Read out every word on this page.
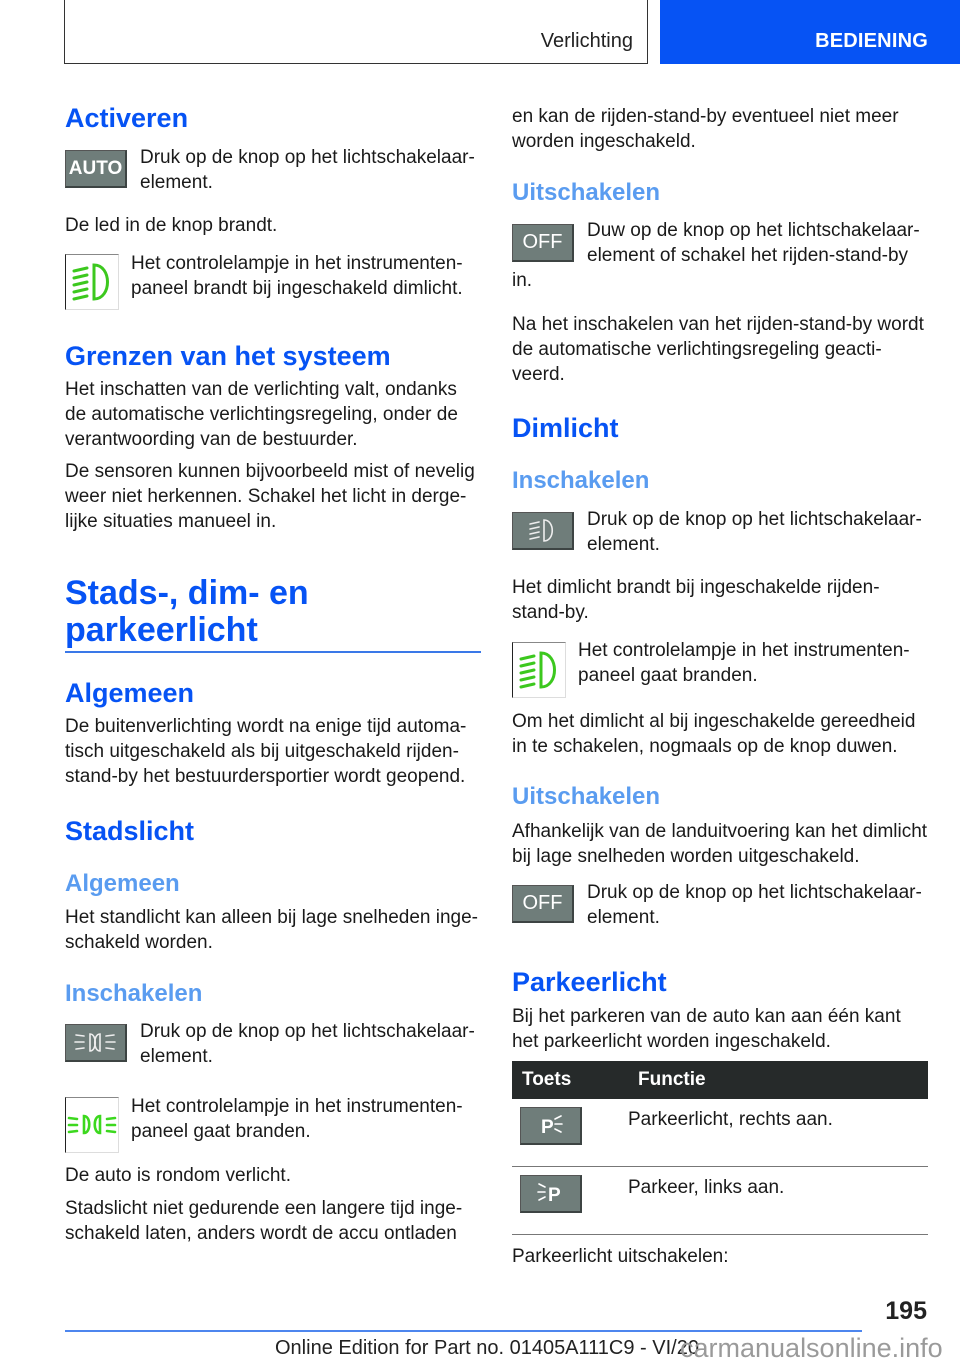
Verlichting	BEDIENING
Activeren
AUTO
Druk op de knop op het lichtschakelaar-element.
De led in de knop brandt.
Het controlelampje in het instrumenten-paneel brandt bij ingeschakeld dimlicht.
Grenzen van het systeem
Het inschatten van de verlichting valt, ondanks de automatische verlichtingsregeling, onder de verantwoording van de bestuurder.
De sensoren kunnen bijvoorbeeld mist of nevelig weer niet herkennen. Schakel het licht in derge-lijke situaties manueel in.
Stads-, dim- en
parkeerlicht
Algemeen
De buitenverlichting wordt na enige tijd automa-tisch uitgeschakeld als bij uitgeschakeld rijden-stand-by het bestuurdersportier wordt geopend.
Stadslicht
Algemeen
Het standlicht kan alleen bij lage snelheden inge-schakeld worden.
Inschakelen
Druk op de knop op het lichtschakelaar-element.
Het controlelampje in het instrumenten-paneel gaat branden.
De auto is rondom verlicht.
Stadslicht niet gedurende een langere tijd inge-schakeld laten, anders wordt de accu ontladen
en kan de rijden-stand-by eventueel niet meer worden ingeschakeld.
Uitschakelen
OFF
Duw op de knop op het lichtschakelaar-element of schakel het rijden-stand-by
in.
Na het inschakelen van het rijden-stand-by wordt de automatische verlichtingsregeling geacti-veerd.
Dimlicht
Inschakelen
Druk op de knop op het lichtschakelaar-element.
Het dimlicht brandt bij ingeschakelde rijden-stand-by.
Het controlelampje in het instrumenten-paneel gaat branden.
Om het dimlicht al bij ingeschakelde gereedheid in te schakelen, nogmaals op de knop duwen.
Uitschakelen
Afhankelijk van de landuitvoering kan het dimlicht bij lage snelheden worden uitgeschakeld.
OFF	Druk op de knop op het lichtschakelaar-element.
Parkeerlicht
Bij het parkeren van de auto kan aan één kant het parkeerlicht worden ingeschakeld.
Toets	Functie

P	Parkeerlicht, rechts aan.

P	Parkeer, links aan.
Parkeerlicht uitschakelen:
195
Online Edition for Part no. 01405A111C9 - VI/20
carmanualsonline.info
